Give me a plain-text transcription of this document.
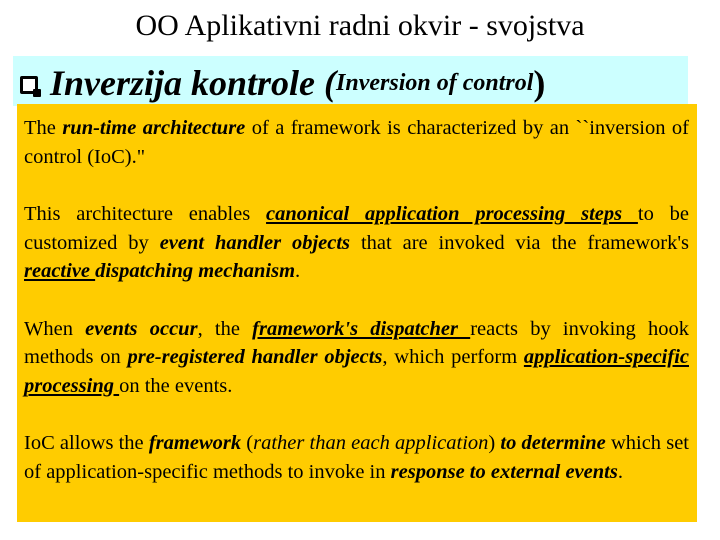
OO Aplikativni radni okvir - svojstva
Inverzija kontrole ( Inversion of control )

The run-time architecture of a framework is characterized by an ``inversion of control (IoC)."

This architecture enables canonical application processing steps to be customized by event handler objects that are invoked via the framework's reactive dispatching mechanism.

When events occur, the framework's dispatcher reacts by invoking hook methods on pre-registered handler objects, which perform application-specific processing on the events.

IoC allows the framework (rather than each application) to determine which set of application-specific methods to invoke in response to external events.
